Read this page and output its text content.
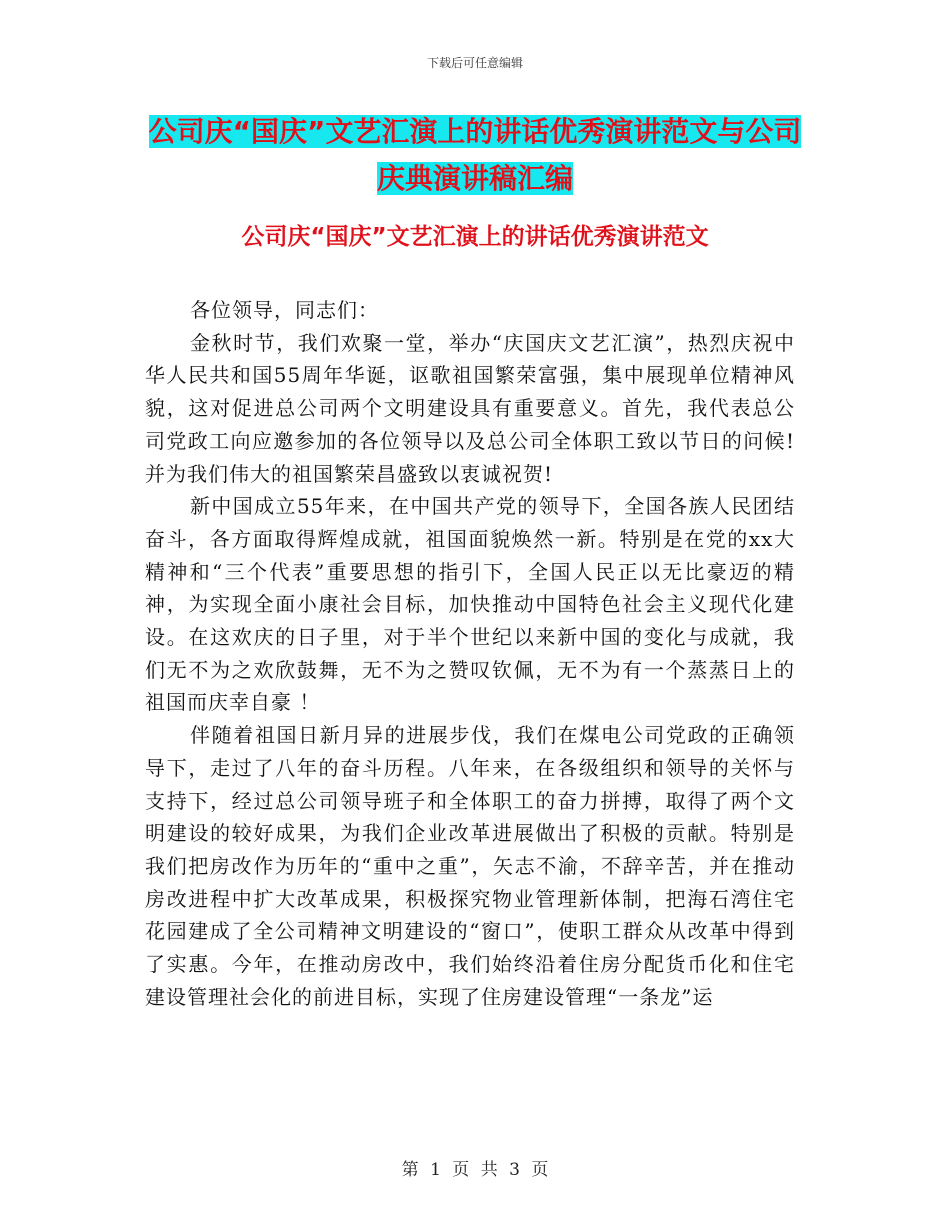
下载后可任意编辑
公司庆“国庆”文艺汇演上的讲话优秀演讲范文与公司庆典演讲稿汇编
公司庆“国庆”文艺汇演上的讲话优秀演讲范文

各位领导，同志们：

金秋时节，我们欢聚一堂，举办“庆国庆文艺汇演”，热烈庆祝中华人民共和国55周年华诞，讴歌祖国繁荣富强，集中展现单位精神风貌，这对促进总公司两个文明建设具有重要意义。首先，我代表总公司党政工向应邀参加的各位领导以及总公司全体职工致以节日的问候!并为我们伟大的祖国繁荣昌盛致以衷诚祝贺!

新中国成立55年来，在中国共产党的领导下，全国各族人民团结奋斗，各方面取得辉煌成就，祖国面貌焕然一新。特别是在党的xx大精神和“三个代表”重要思想的指引下，全国人民正以无比豪迈的精神，为实现全面小康社会目标，加快推动中国特色社会主义现代化建设。在这欢庆的日子里，对于半个世纪以来新中国的变化与成就，我们无不为之欢欣鼓舞，无不为之赞叹钦佩，无不为有一个蒸蒸日上的祖国而庆幸自豪 ！

伴随着祖国日新月异的进展步伐，我们在煤电公司党政的正确领导下，走过了八年的奋斗历程。八年来，在各级组织和领导的关怀与支持下，经过总公司领导班子和全体职工的奋力拼搏，取得了两个文明建设的较好成果，为我们企业改革进展做出了积极的贡献。特别是我们把房改作为历年的“重中之重”，矢志不渝，不辞辛苦，并在推动房改进程中扩大改革成果，积极探究物业管理新体制，把海石湾住宅花园建成了全公司精神文明建设的“窗口”，使职工群众从改革中得到了实惠。今年，在推动房改中，我们始终沿着住房分配货币化和住宅建设管理社会化的前进目标，实现了住房建设管理“一条龙”运

第 1 页 共 3 页
